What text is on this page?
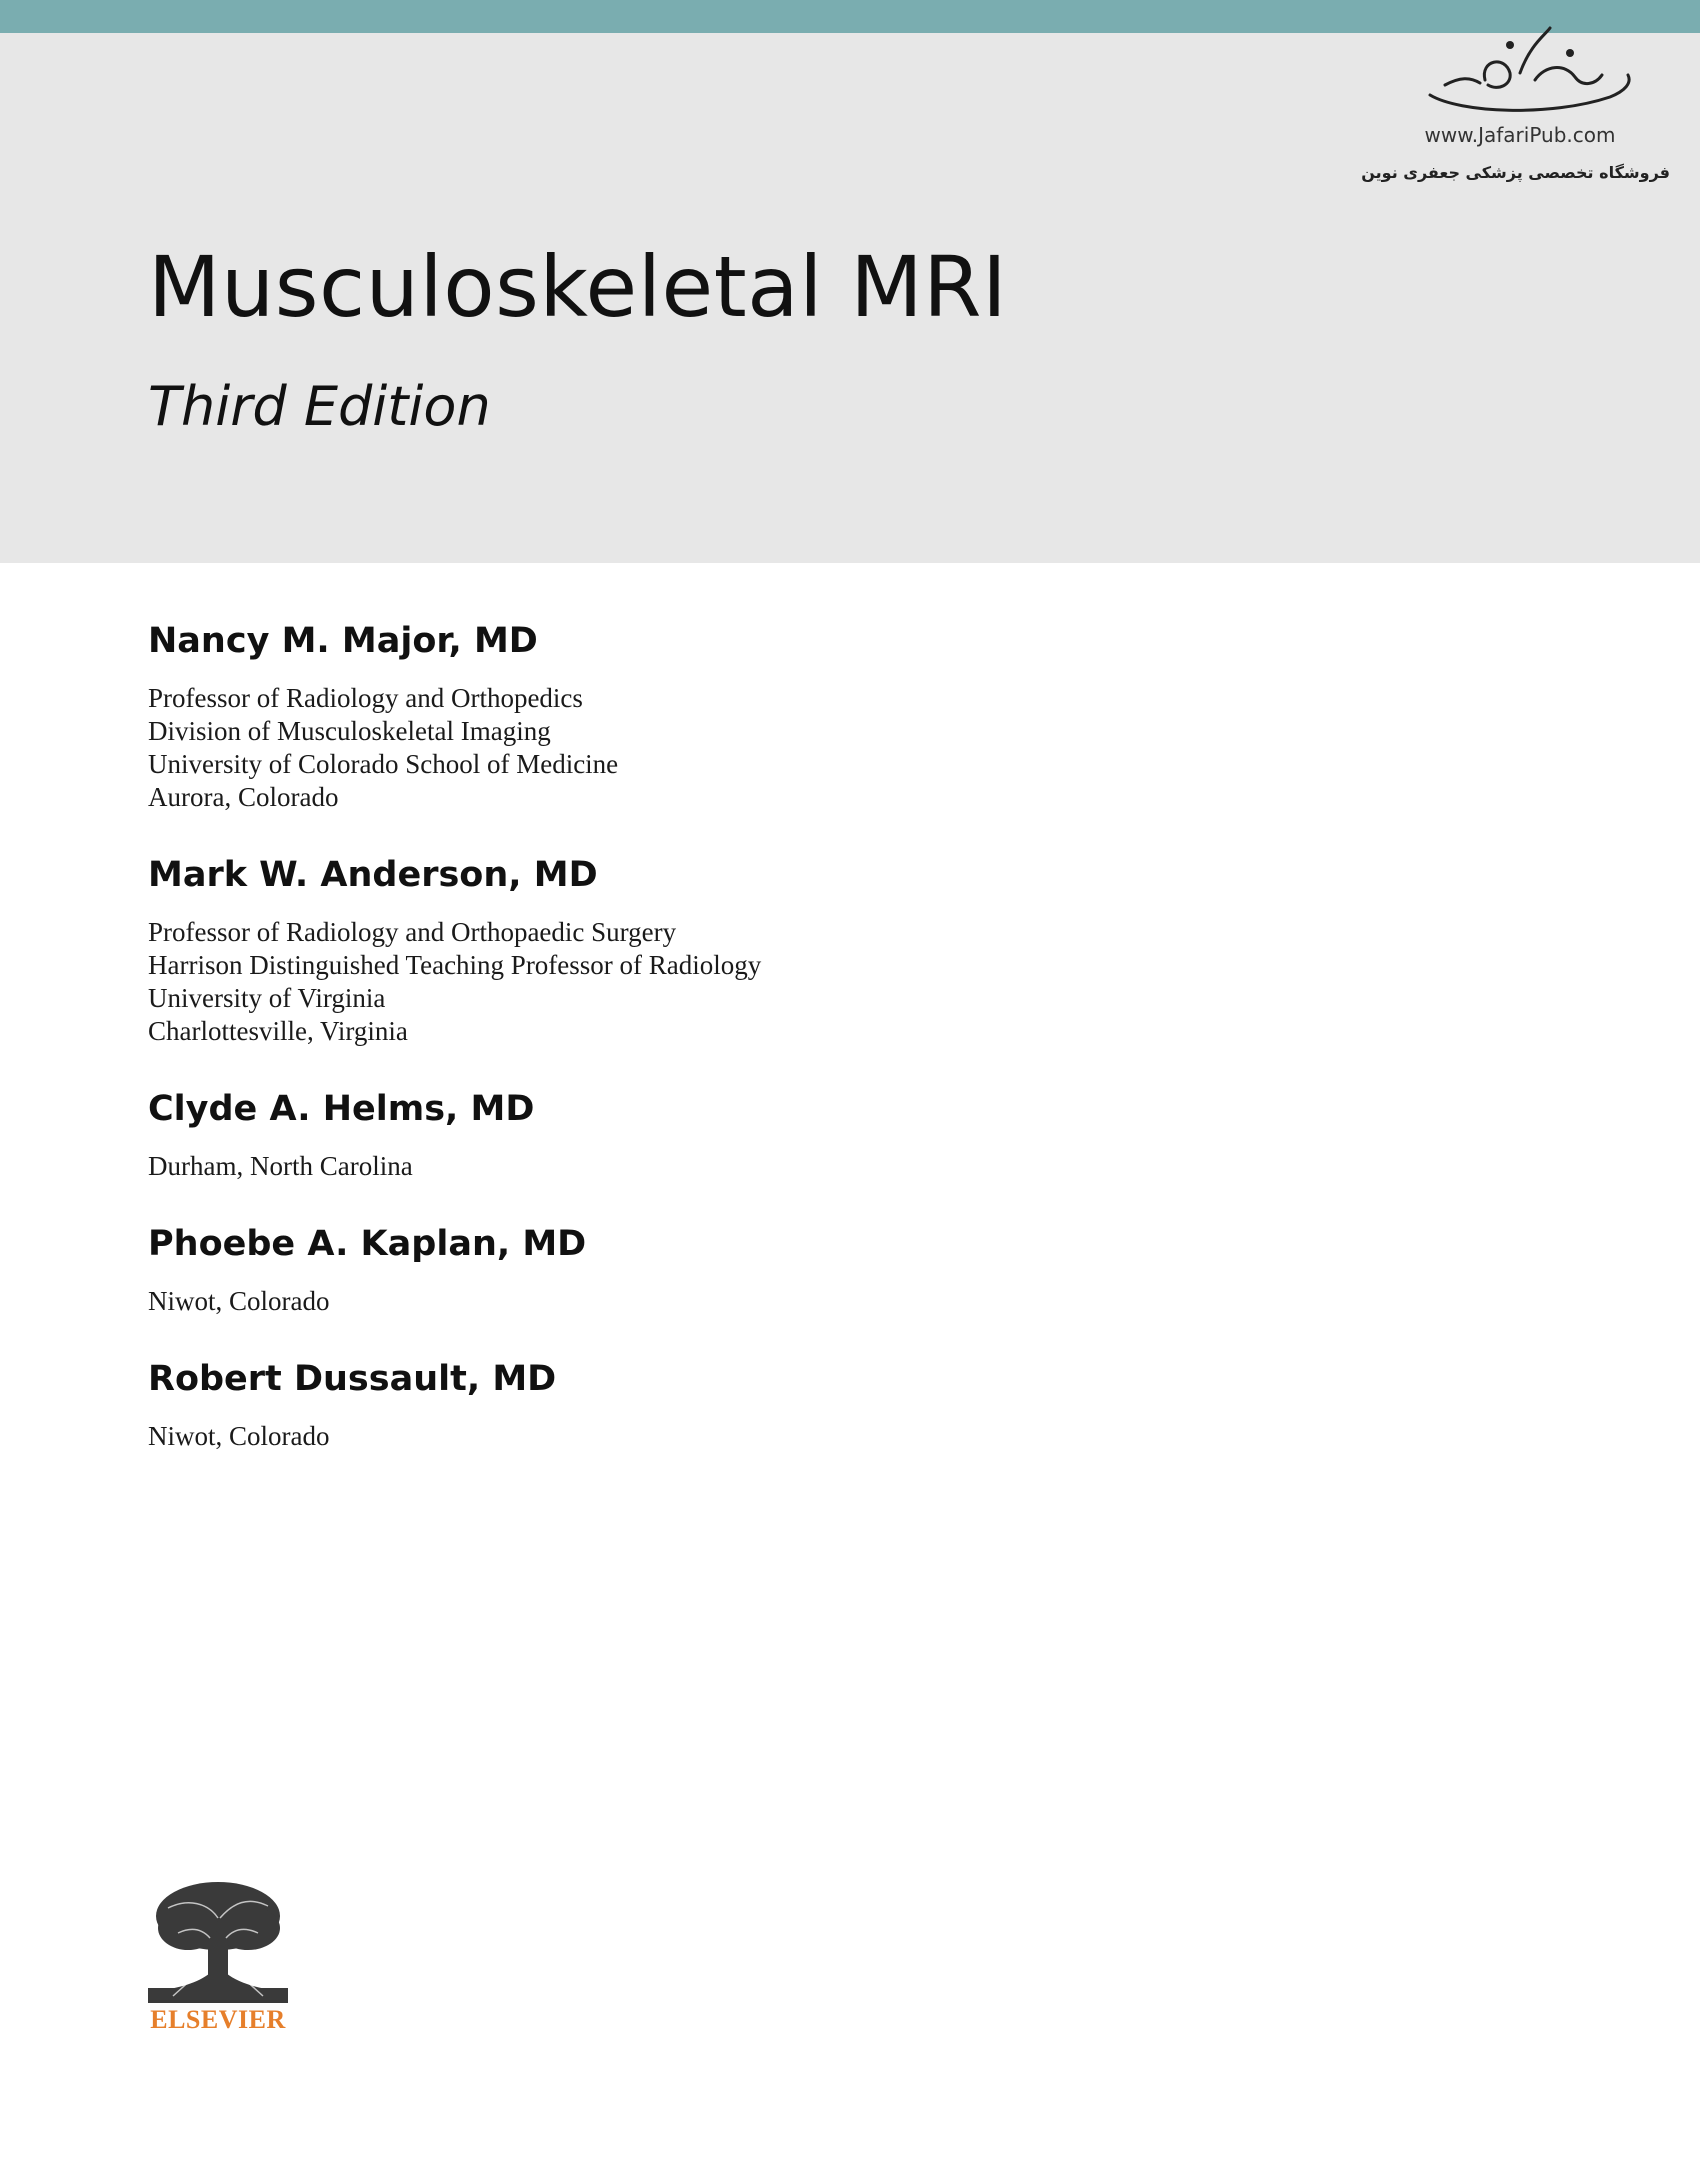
www.JafariPub.com
فروشگاه تخصصی پزشکی جعفری نوین
Musculoskeletal MRI
Third Edition
Nancy M. Major, MD
Professor of Radiology and Orthopedics
Division of Musculoskeletal Imaging
University of Colorado School of Medicine
Aurora, Colorado
Mark W. Anderson, MD
Professor of Radiology and Orthopaedic Surgery
Harrison Distinguished Teaching Professor of Radiology
University of Virginia
Charlottesville, Virginia
Clyde A. Helms, MD
Durham, North Carolina
Phoebe A. Kaplan, MD
Niwot, Colorado
Robert Dussault, MD
Niwot, Colorado
ELSEVIER
